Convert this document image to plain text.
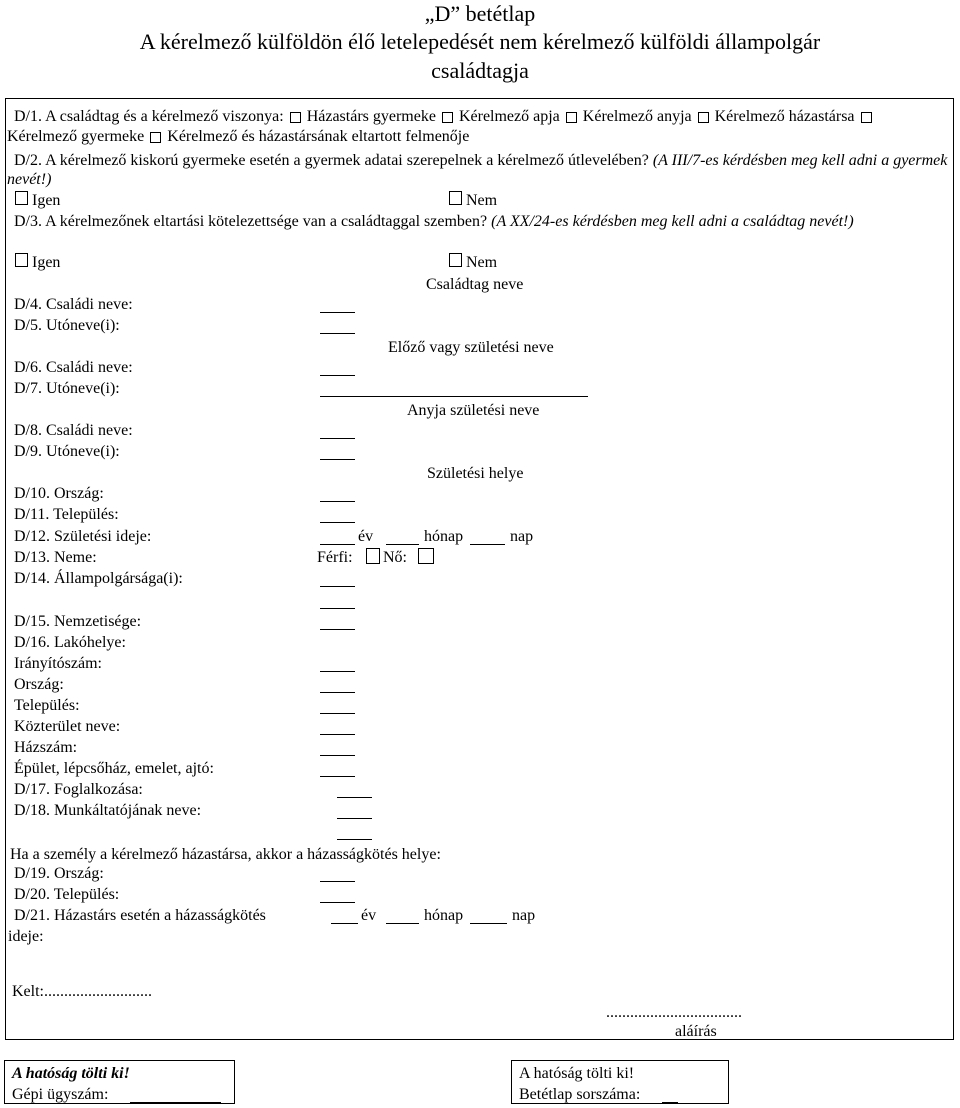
„D” betétlap
A kérelmező külföldön élő letelepedését nem kérelmező külföldi állampolgár
családtagja
D/1. A családtag és a kérelmező viszonya: Házastárs gyermeke Kérelmező apja Kérelmező anyja Kérelmező házastársa
Kérelmező gyermeke Kérelmező és házastársának eltartott felmenője
D/2. A kérelmező kiskorú gyermeke esetén a gyermek adatai szerepelnek a kérelmező útlevelében? (A III/7-es kérdésben meg kell adni a gyermek nevét!)
Igen	Nem
D/3. A kérelmezőnek eltartási kötelezettsége van a családtaggal szemben? (A XX/24-es kérdésben meg kell adni a családtag nevét!)
Igen	Nem
Családtag neve
D/4. Családi neve:
D/5. Utóneve(i):
Előző vagy születési neve
D/6. Családi neve:
D/7. Utóneve(i):
Anyja születési neve
D/8. Családi neve:
D/9. Utóneve(i):
Születési helye
D/10. Ország:
D/11. Település:
D/12. Születési ideje:	év	hónap	nap
D/13. Neme:	Férfi: Nő:
D/14. Állampolgársága(i):
D/15. Nemzetisége:
D/16. Lakóhelye:
Irányítószám:
Ország:
Település:
Közterület neve:
Házszám:
Épület, lépcsőház, emelet, ajtó:
D/17. Foglalkozása:
D/18. Munkáltatójának neve:
Ha a személy a kérelmező házastársa, akkor a házasságkötés helye:
D/19. Ország:
D/20. Település:
D/21. Házastárs esetén a házasságkötés	év	hónap	nap
ideje:
Kelt:...........................
..................................
aláírás
A hatóság tölti ki!
Gépi ügyszám:
A hatóság tölti ki!
Betétlap sorszáma:
